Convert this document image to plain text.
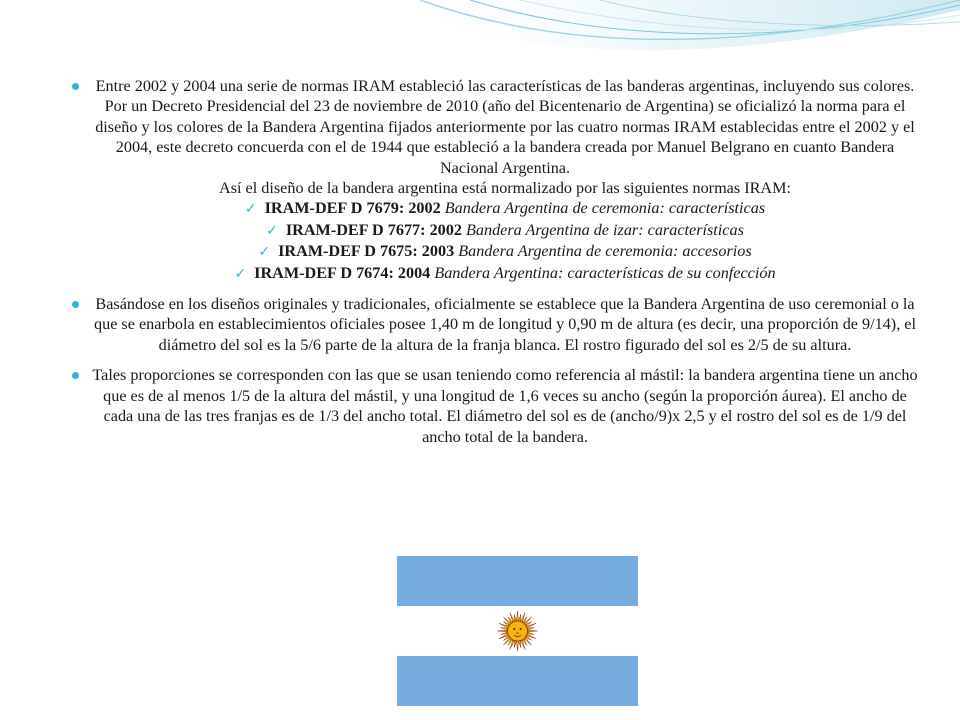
Entre 2002 y 2004 una serie de normas IRAM estableció las características de las banderas argentinas, incluyendo sus colores.
Por un Decreto Presidencial del 23 de noviembre de 2010 (año del Bicentenario de Argentina) se oficializó la norma para el diseño y los colores de la Bandera Argentina fijados anteriormente por las cuatro normas IRAM establecidas entre el 2002 y el 2004, este decreto concuerda con el de 1944 que estableció a la bandera creada por Manuel Belgrano en cuanto Bandera Nacional Argentina.
Así el diseño de la bandera argentina está normalizado por las siguientes normas IRAM:
✓ IRAM-DEF D 7679: 2002 Bandera Argentina de ceremonia: características
✓ IRAM-DEF D 7677: 2002 Bandera Argentina de izar: características
✓ IRAM-DEF D 7675: 2003 Bandera Argentina de ceremonia: accesorios
✓ IRAM-DEF D 7674: 2004 Bandera Argentina: características de su confección
Basándose en los diseños originales y tradicionales, oficialmente se establece que la Bandera Argentina de uso ceremonial o la que se enarbola en establecimientos oficiales posee 1,40 m de longitud y 0,90 m de altura (es decir, una proporción de 9/14), el diámetro del sol es la 5/6 parte de la altura de la franja blanca. El rostro figurado del sol es 2/5 de su altura.
Tales proporciones se corresponden con las que se usan teniendo como referencia al mástil: la bandera argentina tiene un ancho que es de al menos 1/5 de la altura del mástil, y una longitud de 1,6 veces su ancho (según la proporción áurea). El ancho de cada una de las tres franjas es de 1/3 del ancho total. El diámetro del sol es de (ancho/9)x 2,5 y el rostro del sol es de 1/9 del ancho total de la bandera.
